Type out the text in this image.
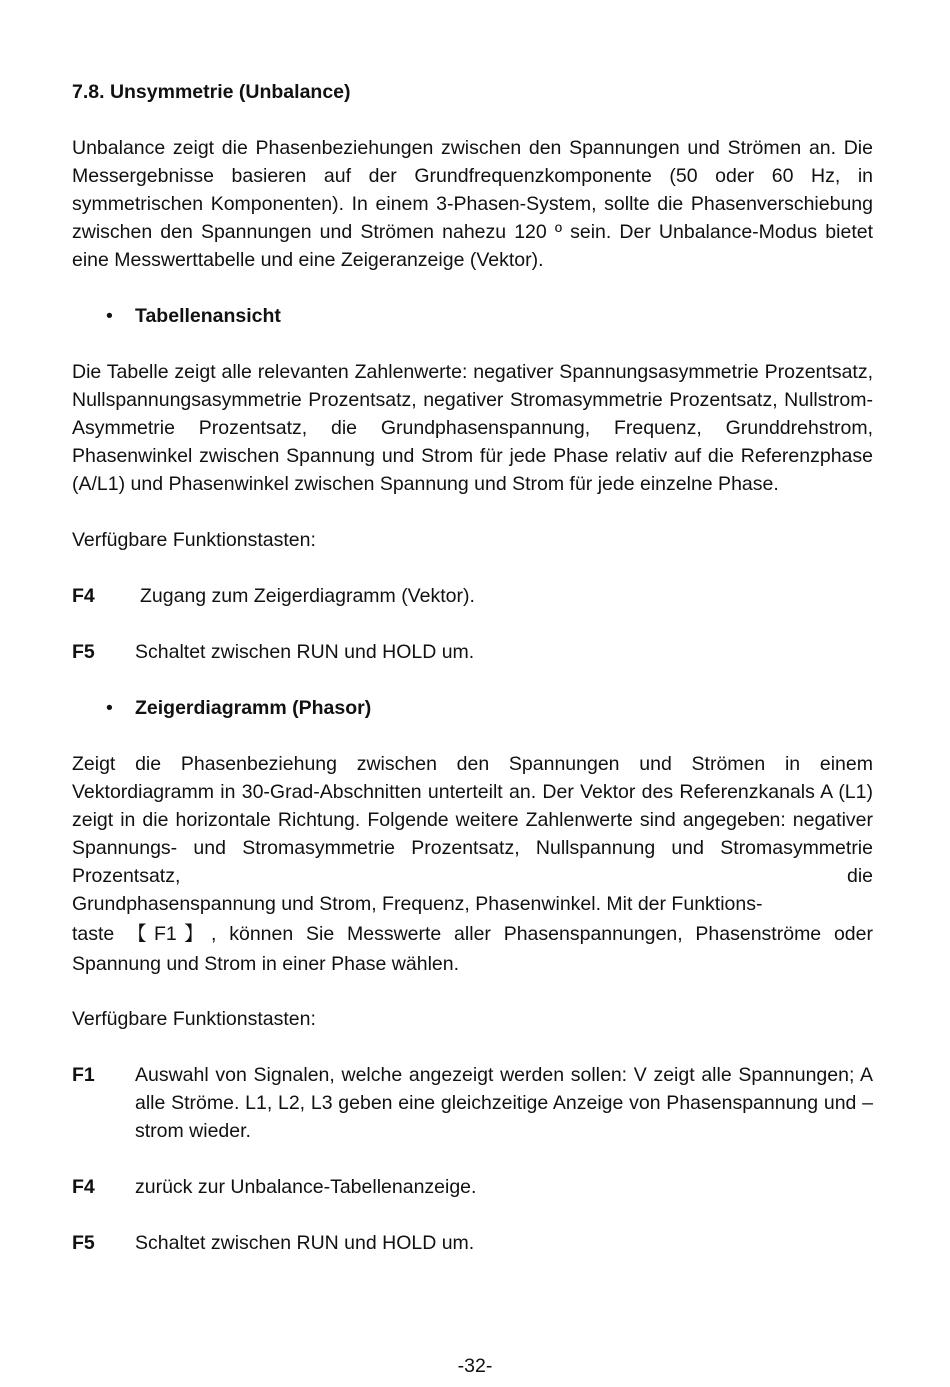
7.8. Unsymmetrie (Unbalance)
Unbalance zeigt die Phasenbeziehungen zwischen den Spannungen und Strömen an. Die Messergebnisse basieren auf der Grundfrequenzkomponente (50 oder 60 Hz, in symmetrischen Komponenten). In einem 3-Phasen-System, sollte die Phasenverschiebung zwischen den Spannungen und Strömen nahezu 120 º sein. Der Unbalance-Modus bietet eine Messwerttabelle und eine Zeigeranzeige (Vektor).
• Tabellenansicht
Die Tabelle zeigt alle relevanten Zahlenwerte: negativer Spannungsasymmetrie Prozentsatz, Nullspannungsasymmetrie Prozentsatz, negativer Stromasymmetrie Prozentsatz, Nullstrom-Asymmetrie Prozentsatz, die Grundphasenspannung, Frequenz, Grunddrehstrom, Phasenwinkel zwischen Spannung und Strom für jede Phase relativ auf die Referenzphase (A/L1) und Phasenwinkel zwischen Spannung und Strom für jede einzelne Phase.
Verfügbare Funktionstasten:
F4 Zugang zum Zeigerdiagramm (Vektor).
F5 Schaltet zwischen RUN und HOLD um.
• Zeigerdiagramm (Phasor)
Zeigt die Phasenbeziehung zwischen den Spannungen und Strömen in einem Vektordiagramm in 30-Grad-Abschnitten unterteilt an. Der Vektor des Referenzkanals A (L1) zeigt in die horizontale Richtung. Folgende weitere Zahlenwerte sind angegeben: negativer Spannungs- und Stromasymmetrie Prozentsatz, Nullspannung und Stromasymmetrie Prozentsatz, die
Grundphasenspannung und Strom, Frequenz, Phasenwinkel. Mit der Funktions-
taste 【F1】, können Sie Messwerte aller Phasenspannungen, Phasenströme oder Spannung und Strom in einer Phase wählen.
Verfügbare Funktionstasten:
F1 Auswahl von Signalen, welche angezeigt werden sollen: V zeigt alle Spannungen; A alle Ströme. L1, L2, L3 geben eine gleichzeitige Anzeige von Phasenspannung und –strom wieder.
F4 zurück zur Unbalance-Tabellenanzeige.
F5 Schaltet zwischen RUN und HOLD um.
-32-
